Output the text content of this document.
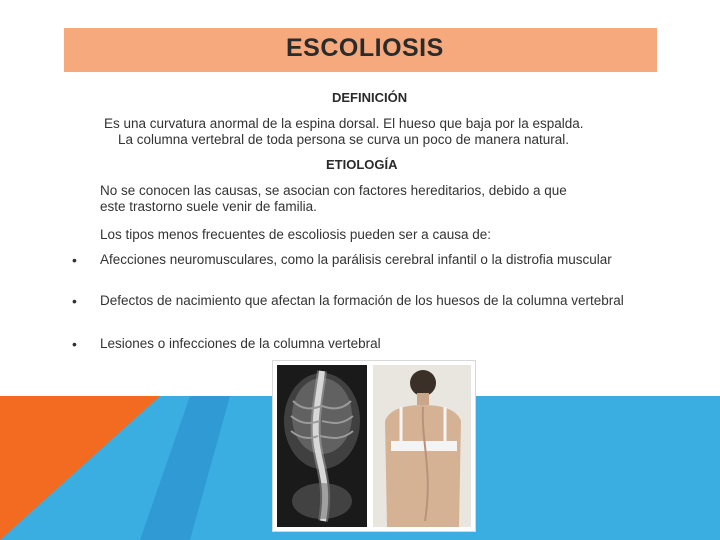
ESCOLIOSIS
DEFINICIÓN
Es una curvatura anormal de la espina dorsal. El hueso que baja por la espalda.
La columna vertebral de toda persona se curva un poco de manera natural.
ETIOLOGÍA
No se conocen las causas, se asocian con factores hereditarios, debido a que
este trastorno suele venir de familia.
Los tipos menos frecuentes de escoliosis pueden ser a causa de:
• Afecciones neuromusculares, como la parálisis cerebral infantil o la distrofia muscular
• Defectos de nacimiento que afectan la formación de los huesos de la columna vertebral
• Lesiones o infecciones de la columna vertebral
